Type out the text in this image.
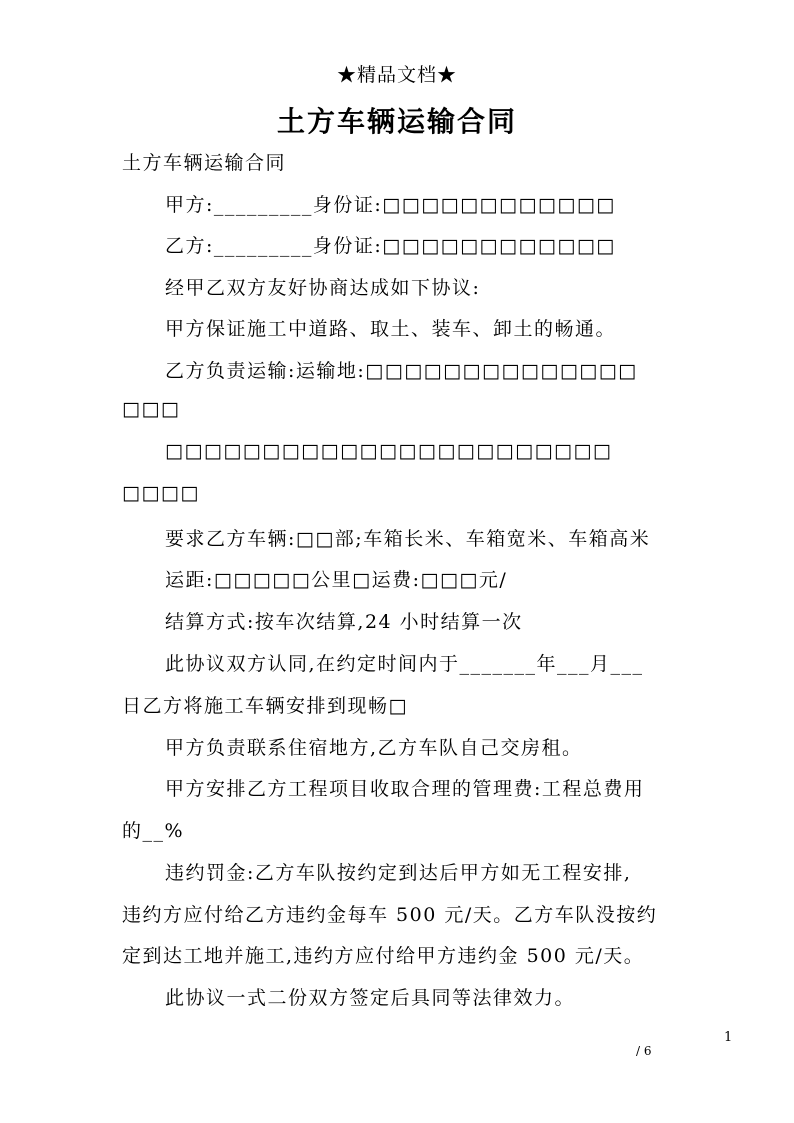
★精品文档★
土方车辆运输合同
土方车辆运输合同
甲方:_________身份证:□□□□□□□□□□□□
乙方:_________身份证:□□□□□□□□□□□□
经甲乙双方友好协商达成如下协议:
甲方保证施工中道路、取土、装车、卸土的畅通。
乙方负责运输:运输地:□□□□□□□□□□□□□□
□□□
□□□□□□□□□□□□□□□□□□□□□□□
□□□□
要求乙方车辆:□□部;车箱长米、车箱宽米、车箱高米
运距:□□□□□公里□运费:□□□元/
结算方式:按车次结算,24 小时结算一次
此协议双方认同,在约定时间内于_______年___月___
日乙方将施工车辆安排到现畅□
甲方负责联系住宿地方,乙方车队自己交房租。
甲方安排乙方工程项目收取合理的管理费:工程总费用
的__%
违约罚金:乙方车队按约定到达后甲方如无工程安排,
违约方应付给乙方违约金每车 500 元/天。乙方车队没按约
定到达工地并施工,违约方应付给甲方违约金 500 元/天。
此协议一式二份双方签定后具同等法律效力。
1
/ 6
